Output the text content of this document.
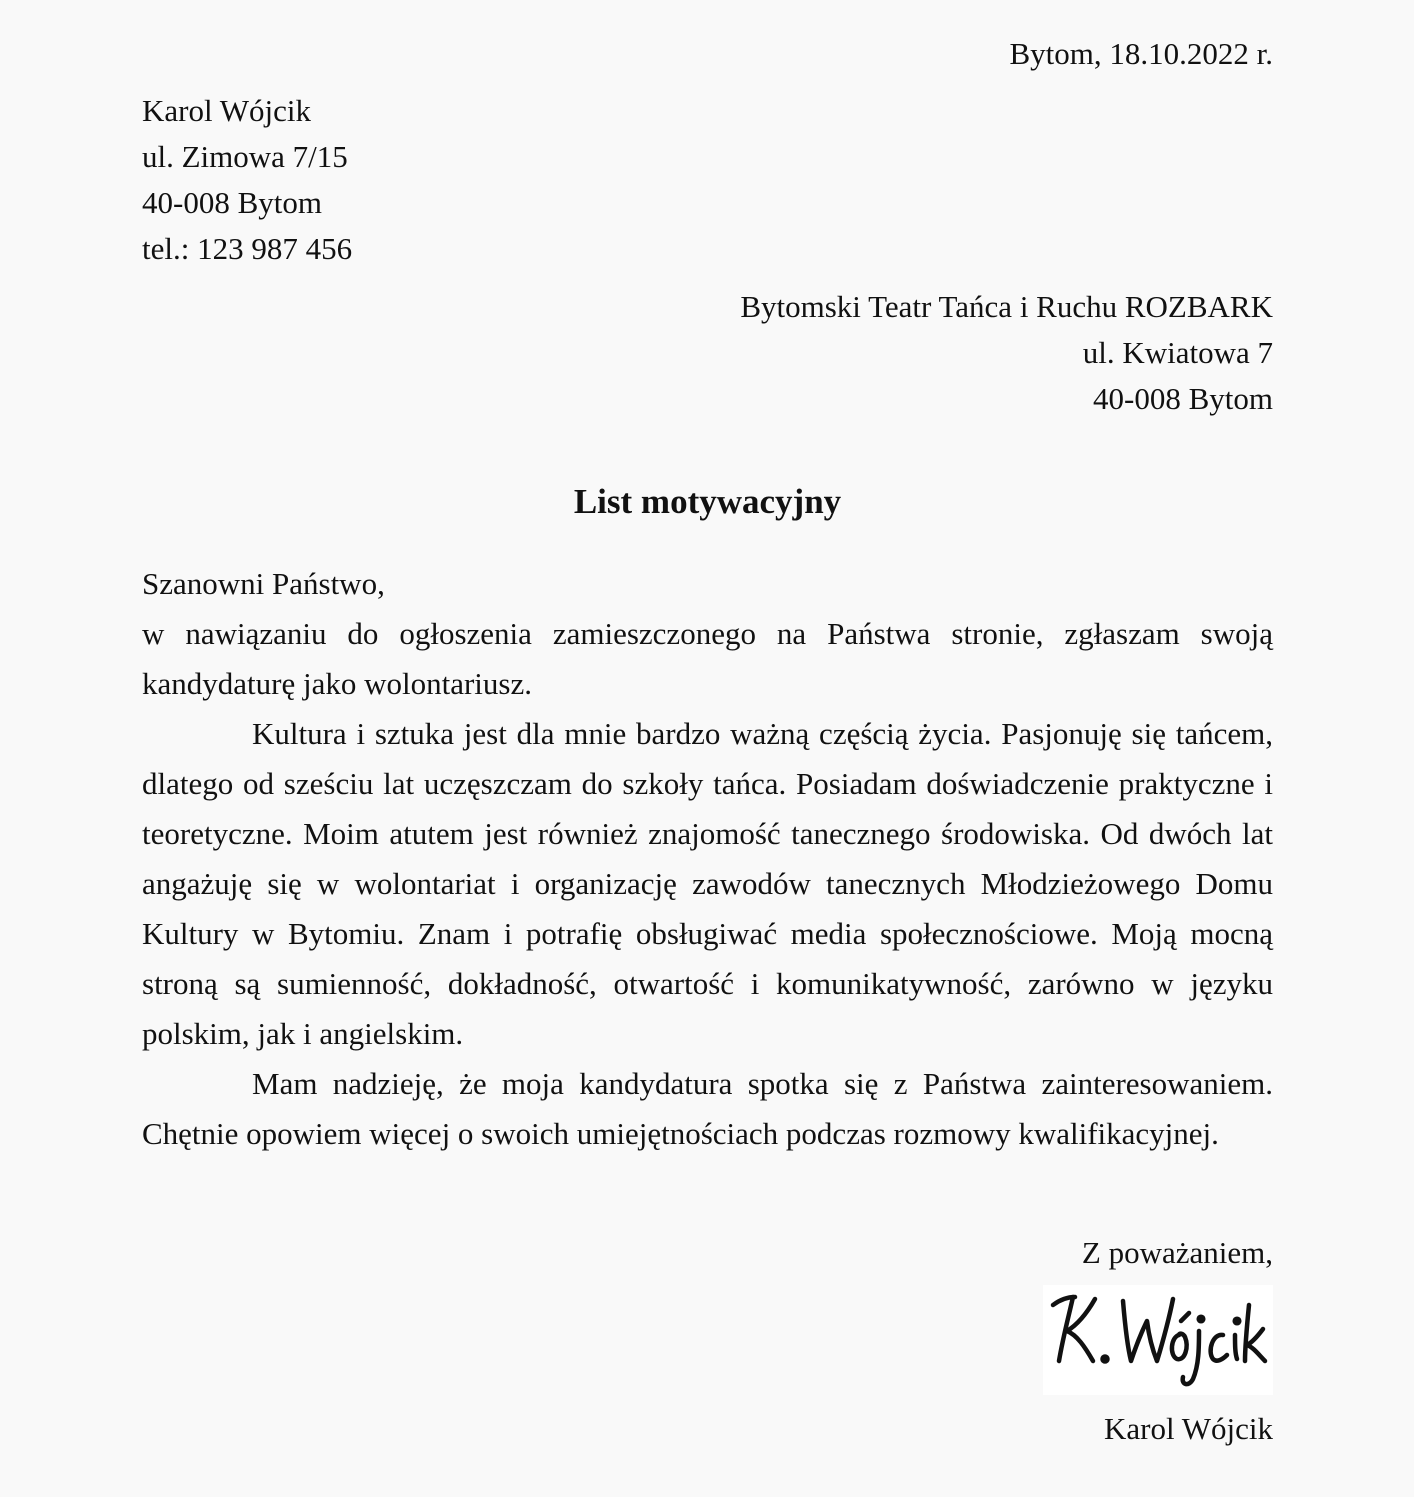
Bytom, 18.10.2022 r.
Karol Wójcik
ul. Zimowa 7/15
40-008 Bytom
tel.: 123 987 456
Bytomski Teatr Tańca i Ruchu ROZBARK
ul. Kwiatowa 7
40-008 Bytom
List motywacyjny

Szanowni Państwo,

w nawiązaniu do ogłoszenia zamieszczonego na Państwa stronie, zgłaszam swoją kandydaturę jako wolontariusz.

Kultura i sztuka jest dla mnie bardzo ważną częścią życia. Pasjonuję się tańcem, dlatego od sześciu lat uczęszczam do szkoły tańca. Posiadam doświadczenie praktyczne i teoretyczne. Moim atutem jest również znajomość tanecznego środowiska. Od dwóch lat angażuję się w wolontariat i organizację zawodów tanecznych Młodzieżowego Domu Kultury w Bytomiu. Znam i potrafię obsługiwać media społecznościowe. Moją mocną stroną są sumienność, dokładność, otwartość i komunikatywność, zarówno w języku polskim, jak i angielskim.

Mam nadzieję, że moja kandydatura spotka się z Państwa zainteresowaniem. Chętnie opowiem więcej o swoich umiejętnościach podczas rozmowy kwalifikacyjnej.

Z poważaniem,
Karol Wójcik
